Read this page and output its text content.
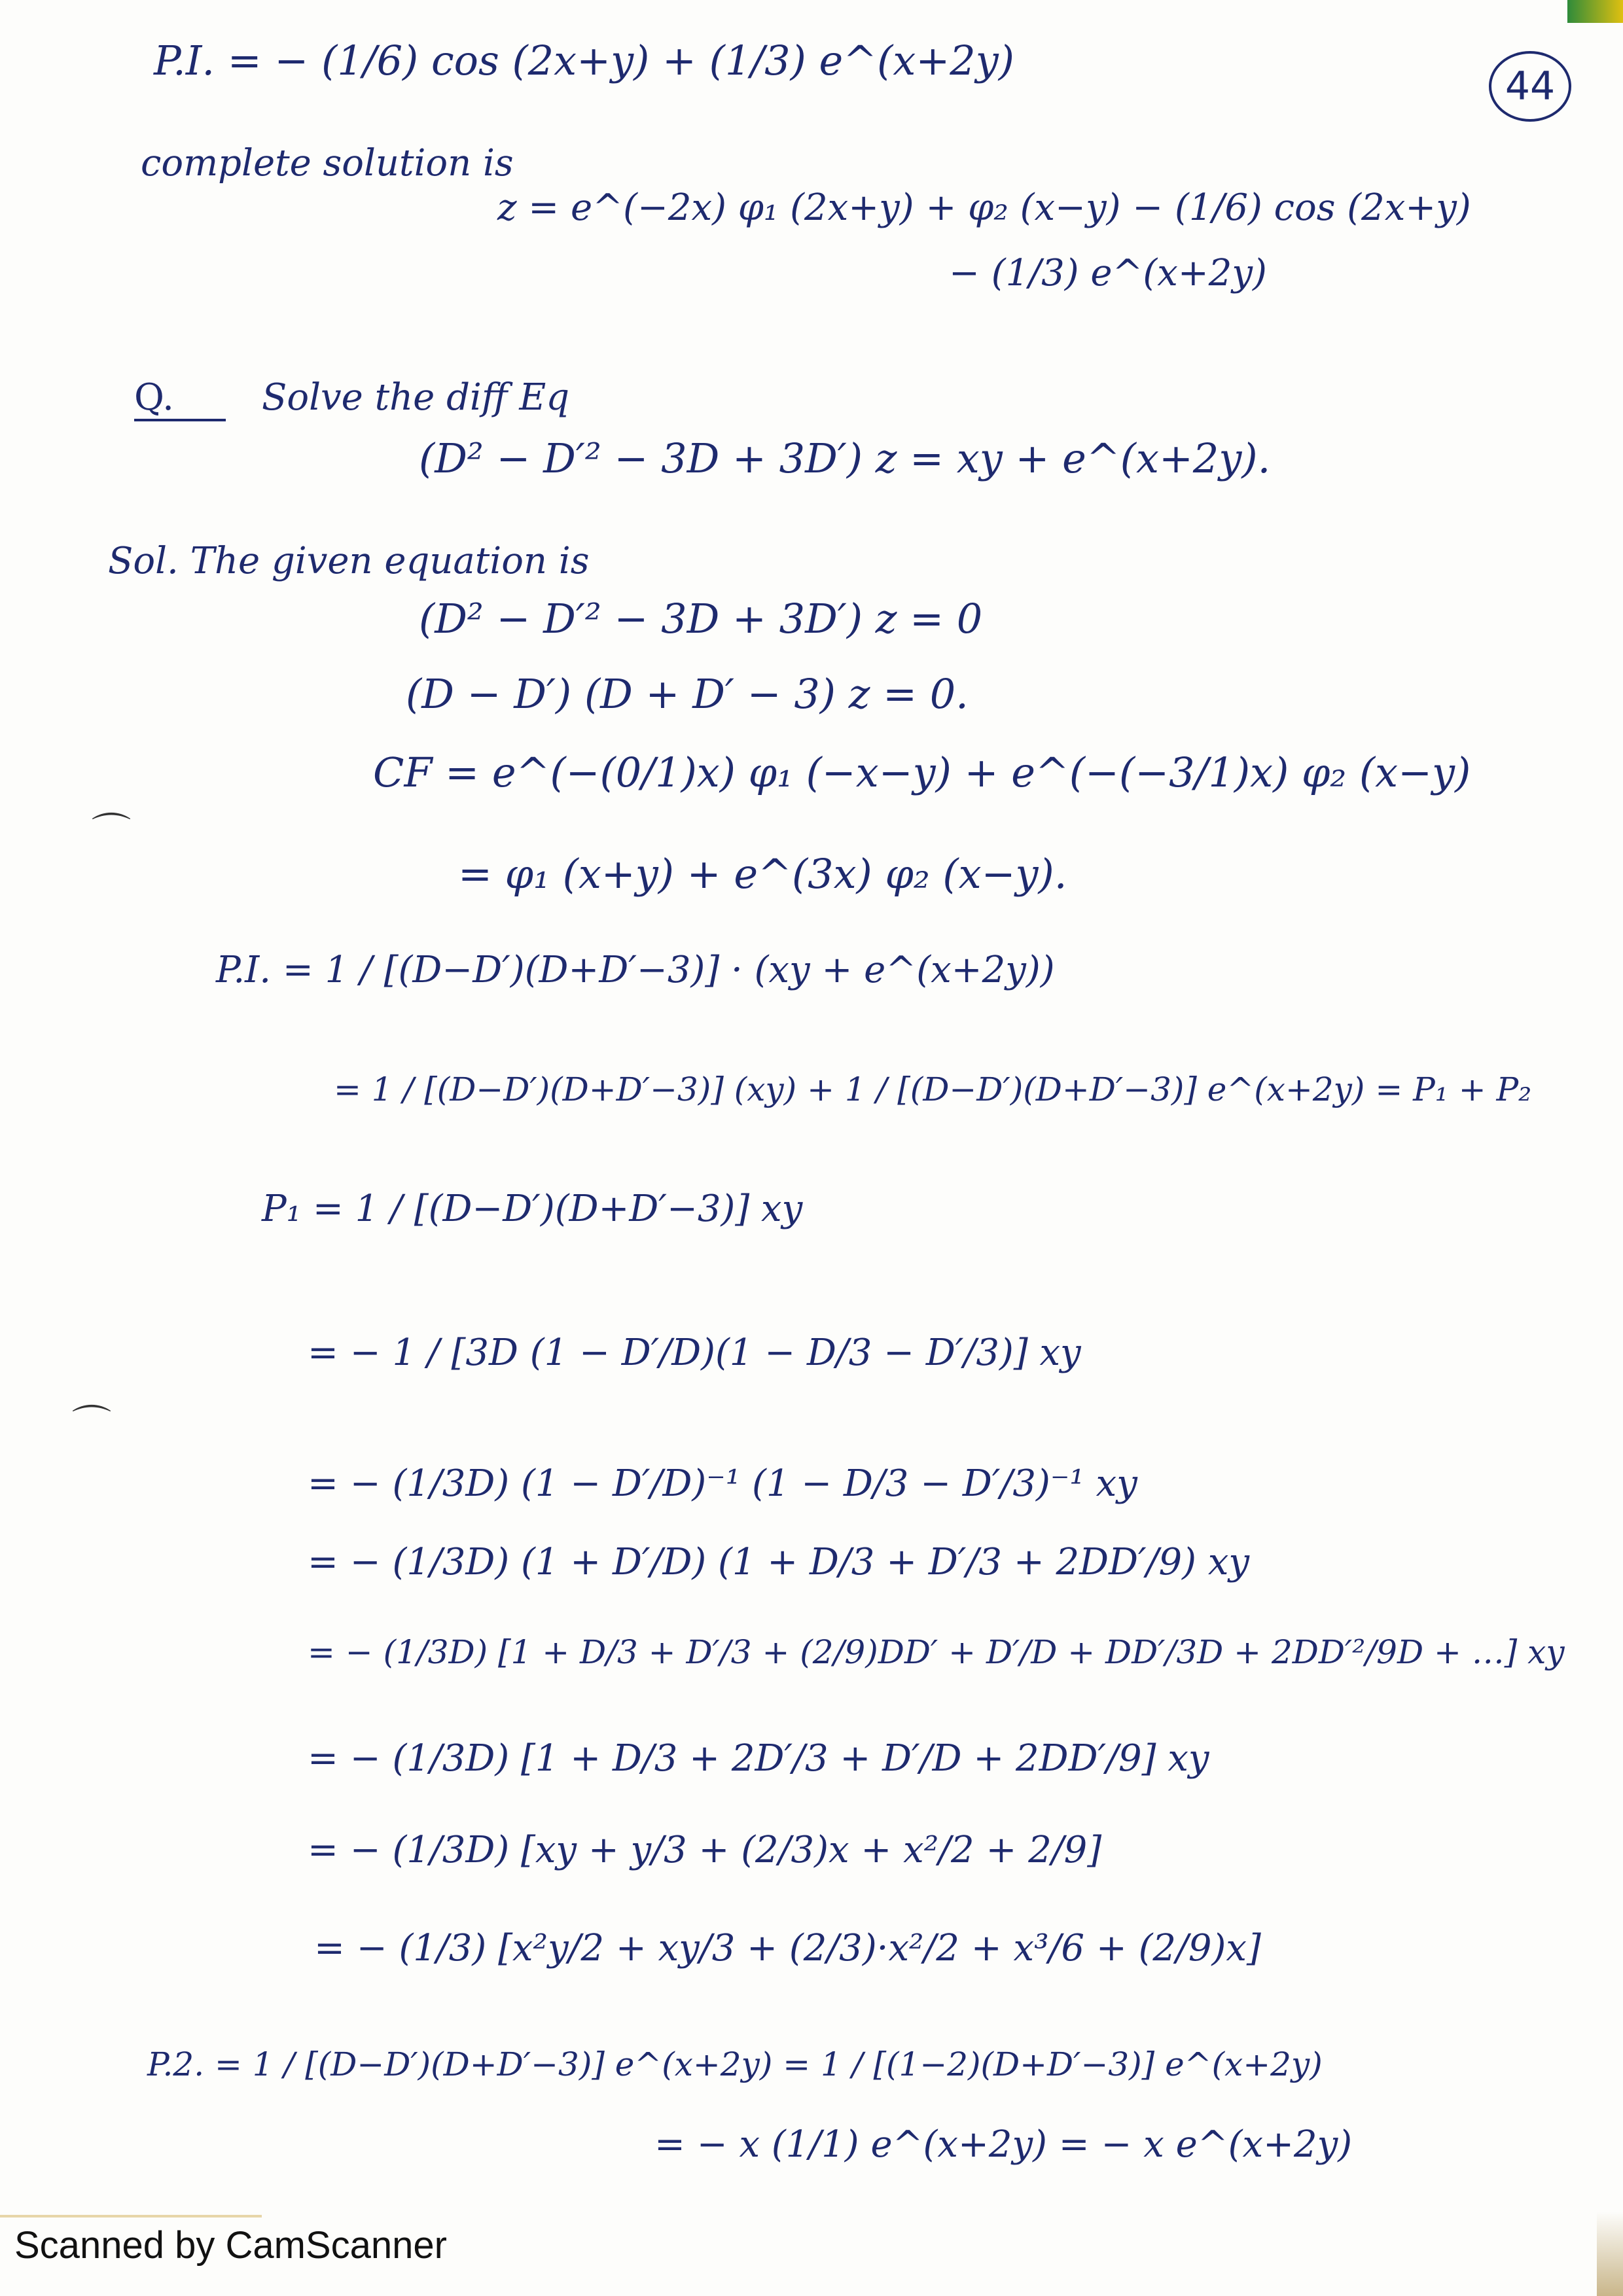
44
P.I. = − (1/6) cos (2x+y) + (1/3) e^(x+2y)
complete solution is
z = e^(−2x) φ₁ (2x+y) + φ₂ (x−y) − (1/6) cos (2x+y)
− (1/3) e^(x+2y)
Q. Solve the diff Eq
(D² − D′² − 3D + 3D′) z = xy + e^(x+2y).
Sol. The given equation is
(D² − D′² − 3D + 3D′) z = 0
(D − D′) (D + D′ − 3) z = 0.
⌒
CF = e^(−(0/1)x) φ₁ (−x−y) + e^(−(−3/1)x) φ₂ (x−y)
= φ₁ (x+y) + e^(3x) φ₂ (x−y).
P.I. = 1 / [(D−D′)(D+D′−3)] · (xy + e^(x+2y))
= 1 / [(D−D′)(D+D′−3)] (xy) + 1 / [(D−D′)(D+D′−3)] e^(x+2y) = P₁ + P₂
P₁ = 1 / [(D−D′)(D+D′−3)] xy
⌒
= − 1 / [3D (1 − D′/D)(1 − D/3 − D′/3)] xy
= − (1/3D) (1 − D′/D)⁻¹ (1 − D/3 − D′/3)⁻¹ xy
= − (1/3D) (1 + D′/D) (1 + D/3 + D′/3 + 2DD′/9) xy
= − (1/3D) [1 + D/3 + D′/3 + (2/9)DD′ + D′/D + DD′/3D + 2DD′²/9D + …] xy
= − (1/3D) [1 + D/3 + 2D′/3 + D′/D + 2DD′/9] xy
= − (1/3D) [xy + y/3 + (2/3)x + x²/2 + 2/9]
= − (1/3) [x²y/2 + xy/3 + (2/3)·x²/2 + x³/6 + (2/9)x]
P.2. = 1 / [(D−D′)(D+D′−3)] e^(x+2y) = 1 / [(1−2)(D+D′−3)] e^(x+2y)
= − x (1/1) e^(x+2y) = − x e^(x+2y)
Scanned by CamScanner
